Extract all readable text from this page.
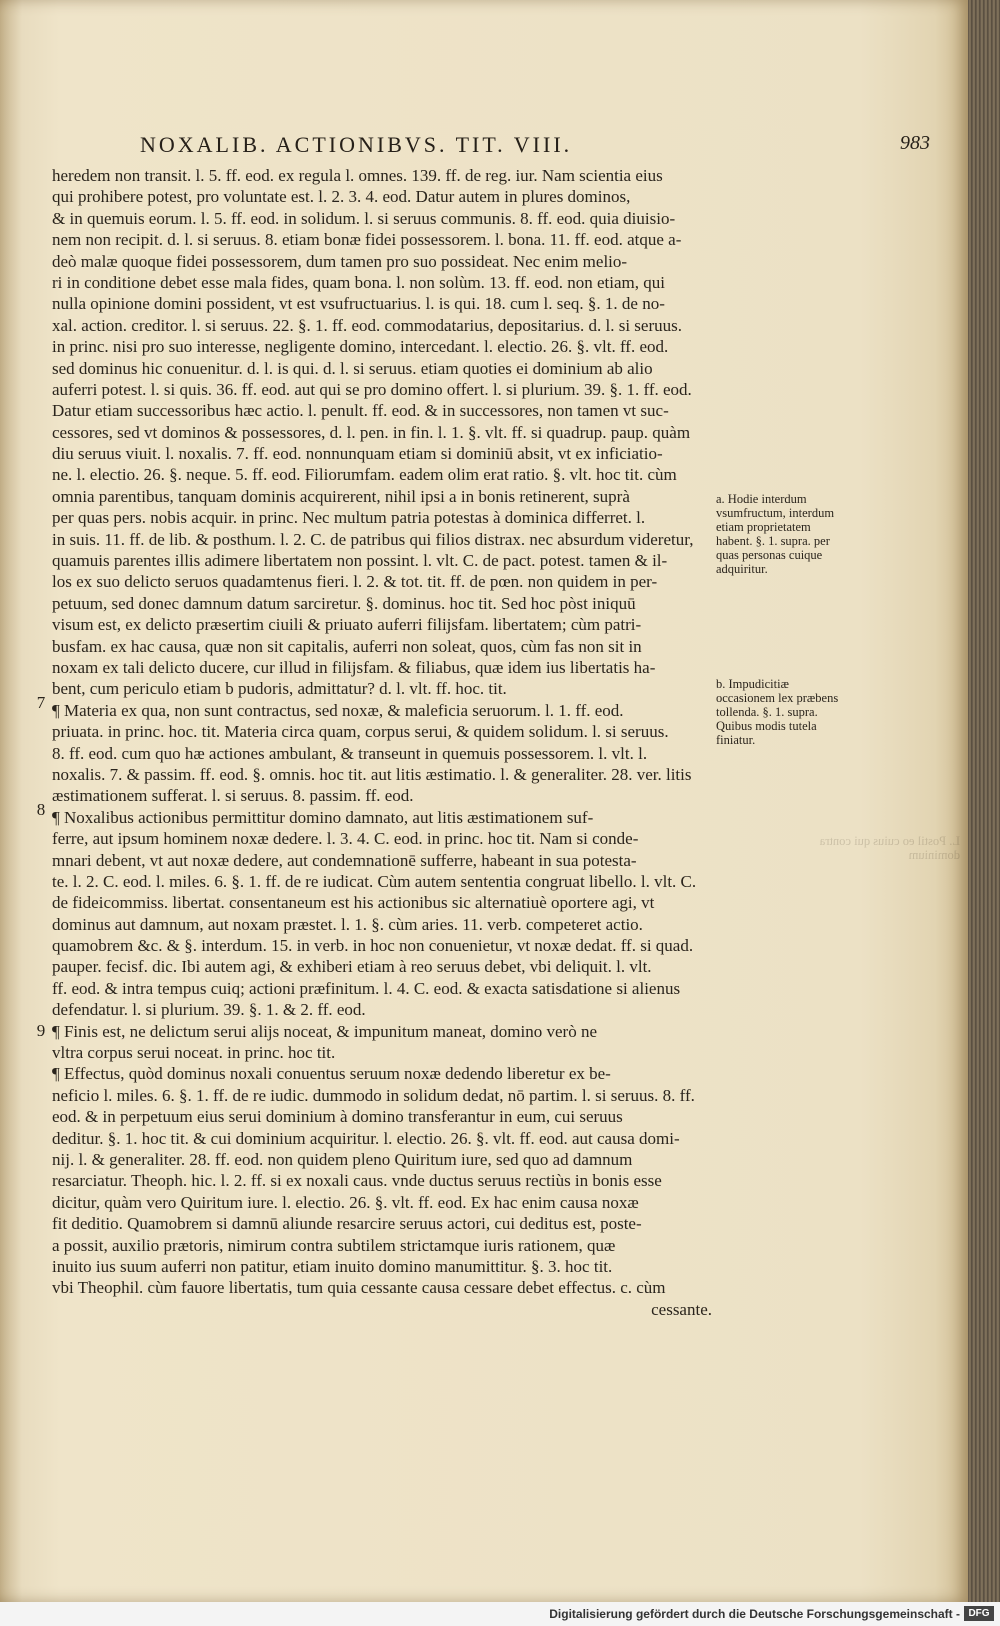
NOXALIB. ACTIONIBVS. TIT. VIII.	983
7
8
9
heredem non transit. l. 5. ff. eod. ex regula l. omnes. 139. ff. de reg. iur. Nam scientia eius
qui prohibere potest, pro voluntate est. l. 2. 3. 4. eod. Datur autem in plures dominos,
& in quemuis eorum. l. 5. ff. eod. in solidum. l. si seruus communis. 8. ff. eod. quia diuisio-
nem non recipit. d. l. si seruus. 8. etiam bonæ fidei possessorem. l. bona. 11. ff. eod. atque a-
deò malæ quoque fidei possessorem, dum tamen pro suo possideat. Nec enim melio-
ri in conditione debet esse mala fides, quam bona. l. non solùm. 13. ff. eod. non etiam, qui
nulla opinione domini possident, vt est vsufructuarius. l. is qui. 18. cum l. seq. §. 1. de no-
xal. action. creditor. l. si seruus. 22. §. 1. ff. eod. commodatarius, depositarius. d. l. si seruus.
in princ. nisi pro suo interesse, negligente domino, intercedant. l. electio. 26. §. vlt. ff. eod.
sed dominus hic conuenitur. d. l. is qui. d. l. si seruus. etiam quoties ei dominium ab alio
auferri potest. l. si quis. 36. ff. eod. aut qui se pro domino offert. l. si plurium. 39. §. 1. ff. eod.
Datur etiam successoribus hæc actio. l. penult. ff. eod. & in successores, non tamen vt suc-
cessores, sed vt dominos & possessores, d. l. pen. in fin. l. 1. §. vlt. ff. si quadrup. paup. quàm
diu seruus viuit. l. noxalis. 7. ff. eod. nonnunquam etiam si dominiū absit, vt ex inficiatio-
ne. l. electio. 26. §. neque. 5. ff. eod. Filiorumfam. eadem olim erat ratio. §. vlt. hoc tit. cùm
omnia parentibus, tanquam dominis acquirerent, nihil ipsi a in bonis retinerent, suprà
per quas pers. nobis acquir. in princ. Nec multum patria potestas à dominica differret. l.
in suis. 11. ff. de lib. & posthum. l. 2. C. de patribus qui filios distrax. nec absurdum videretur,
quamuis parentes illis adimere libertatem non possint. l. vlt. C. de pact. potest. tamen & il-
los ex suo delicto seruos quadamtenus fieri. l. 2. & tot. tit. ff. de pœn. non quidem in per-
petuum, sed donec damnum datum sarciretur. §. dominus. hoc tit. Sed hoc pòst iniquū
visum est, ex delicto præsertim ciuili & priuato auferri filijsfam. libertatem; cùm patri-
busfam. ex hac causa, quæ non sit capitalis, auferri non soleat, quos, cùm fas non sit in
noxam ex tali delicto ducere, cur illud in filijsfam. & filiabus, quæ idem ius libertatis ha-
bent, cum periculo etiam b pudoris, admittatur? d. l. vlt. ff. hoc. tit.
¶ Materia ex qua, non sunt contractus, sed noxæ, & maleficia seruorum. l. 1. ff. eod.
priuata. in princ. hoc. tit. Materia circa quam, corpus serui, & quidem solidum. l. si seruus.
8. ff. eod. cum quo hæ actiones ambulant, & transeunt in quemuis possessorem. l. vlt. l.
noxalis. 7. & passim. ff. eod. §. omnis. hoc tit. aut litis æstimatio. l. & generaliter. 28. ver. litis
æstimationem sufferat. l. si seruus. 8. passim. ff. eod.
¶ Noxalibus actionibus permittitur domino damnato, aut litis æstimationem suf-
ferre, aut ipsum hominem noxæ dedere. l. 3. 4. C. eod. in princ. hoc tit. Nam si conde-
mnari debent, vt aut noxæ dedere, aut condemnationē sufferre, habeant in sua potesta-
te. l. 2. C. eod. l. miles. 6. §. 1. ff. de re iudicat. Cùm autem sententia congruat libello. l. vlt. C.
de fideicommiss. libertat. consentaneum est his actionibus sic alternatiuè oportere agi, vt
dominus aut damnum, aut noxam præstet. l. 1. §. cùm aries. 11. verb. competeret actio.
quamobrem &c. & §. interdum. 15. in verb. in hoc non conuenietur, vt noxæ dedat. ff. si quad.
pauper. fecisf. dic. Ibi autem agi, & exhiberi etiam à reo seruus debet, vbi deliquit. l. vlt.
ff. eod. & intra tempus cuiq; actioni præfinitum. l. 4. C. eod. & exacta satisdatione si alienus
defendatur. l. si plurium. 39. §. 1. & 2. ff. eod.
¶ Finis est, ne delictum serui alijs noceat, & impunitum maneat, domino verò ne
vltra corpus serui noceat. in princ. hoc tit.
¶ Effectus, quòd dominus noxali conuentus seruum noxæ dedendo liberetur ex be-
neficio l. miles. 6. §. 1. ff. de re iudic. dummodo in solidum dedat, nō partim. l. si seruus. 8. ff.
eod. & in perpetuum eius serui dominium à domino transferantur in eum, cui seruus
deditur. §. 1. hoc tit. & cui dominium acquiritur. l. electio. 26. §. vlt. ff. eod. aut causa domi-
nij. l. & generaliter. 28. ff. eod. non quidem pleno Quiritum iure, sed quo ad damnum
resarciatur. Theoph. hic. l. 2. ff. si ex noxali caus. vnde ductus seruus rectiùs in bonis esse
dicitur, quàm vero Quiritum iure. l. electio. 26. §. vlt. ff. eod. Ex hac enim causa noxæ
fit deditio. Quamobrem si damnū aliunde resarcire seruus actori, cui deditus est, poste-
a possit, auxilio prætoris, nimirum contra subtilem strictamque iuris rationem, quæ
inuito ius suum auferri non patitur, etiam inuito domino manumittitur. §. 3. hoc tit.
vbi Theophil. cùm fauore libertatis, tum quia cessante causa cessare debet effectus. c. cùm
cessante.
a. Hodie interdum vsumfructum, interdum etiam proprietatem habent. §. 1. supra. per quas personas cuique adquiritur.
b. Impudicitiæ occasionem lex præbens tollenda. §. 1. supra. Quibus modis tutela finiatur.
L. Postil eo cuius qui contra dominium
Digitalisierung gefördert durch die Deutsche Forschungsgemeinschaft - DFG
